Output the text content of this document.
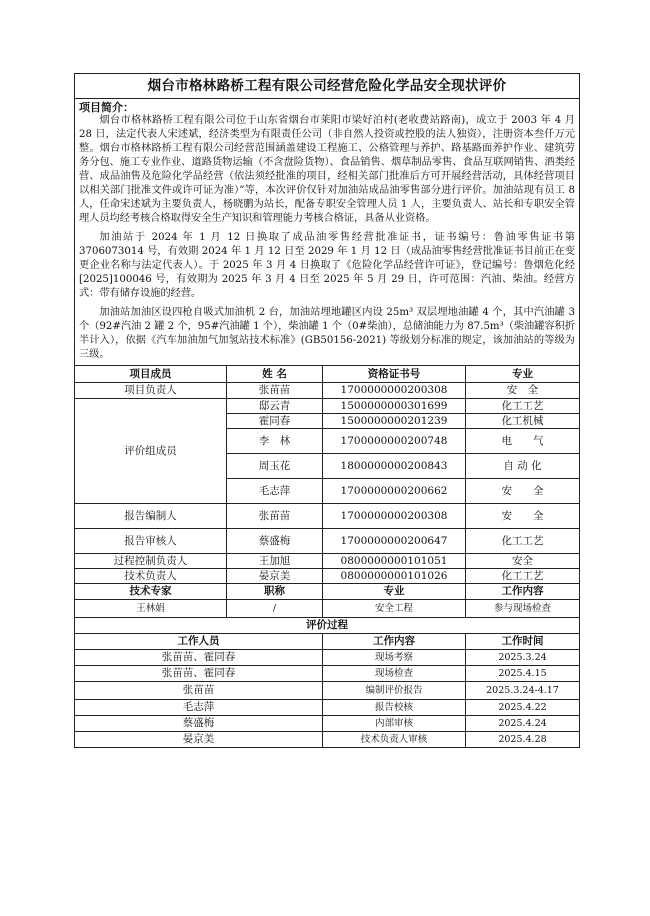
烟台市格林路桥工程有限公司经营危险化学品安全现状评价			

项目简介：

烟台市格林路桥工程有限公司位于山东省烟台市莱阳市梁好泊村(老收费站路南)，成立于 2003 年 4 月 28 日，法定代表人宋述斌，经济类型为有限责任公司（非自然人投资或控股的法人独资），注册资本叁仟万元整。烟台市格林路桥工程有限公司经营范围涵盖建设工程施工、公格管理与养护、路基路面养护作业、建筑劳务分包、施工专业作业、道路货物运输（不含盘险货物）、食品销售、烟草制品零售、食品互联网销售、酒类经营、成品油售及危险化学品经营（依法须经批准的项目，经相关部门批准后方可开展经营活动，具体经营项目以相关部门批准文件或许可证为准）”等，本次评价仅针对加油站成品油零售部分进行评价。加油站现有员工 8 人，任命宋述斌为主要负责人，杨晓鹏为站长，配备专职安全管理人员 1 人，主要负责人、站长和专职安全管理人员均经考核合格取得安全生产知识和管理能力考核合格证，具备从业资格。

加油站于 2024 年 1 月 12 日换取了成品油零售经营批准证书，证书编号：鲁油零售证书第 3706073014 号，有效期 2024 年 1 月 12 日至 2029 年 1 月 12 日（成品油零售经营批准证书目前正在变更企业名称与法定代表人）。于 2025 年 3 月 4 日换取了《危险化学品经营许可证》，登记编号：鲁烟危化经[2025]100046 号，有效期为 2025 年 3 月 4 日至 2025 年 5 月 29 日，许可范围：汽油、柴油。经营方式：带有储存设施的经营。

加油站加油区设四枪自吸式加油机 2 台，加油站埋地罐区内设 25m³ 双层埋地油罐 4 个，其中汽油罐 3 个（92#汽油 2 罐 2 个，95#汽油罐 1 个），柴油罐 1 个（0#柴油），总储油能力为 87.5m³（柴油罐容积折半计入），依据《汽车加油加气加氢站技术标准》(GB50156-2021) 等级划分标准的规定，该加油站的等级为三级。			

项目成员	姓 名	资格证书号	专业
项目负责人	张苗苗	1700000000200308	安　全
评价组成员	邸云青	1500000000301699	化工工艺
	霍同春	1500000000201239	化工机械
	李　林	1700000000200748	电　　气
	周玉花	1800000000200843	自 动 化
	毛志萍	1700000000200662	安　　全
报告编制人	张苗苗	1700000000200308	安　　全
报告审核人	蔡盛梅	1700000000200647	化工工艺
过程控制负责人	王加旭	0800000000101051	安全
技术负责人	晏京美	0800000000101026	化工工艺
技术专家	职称	专业	工作内容
王林娟	/	安全工程	参与现场检查
评价过程			
工作人员		工作内容	工作时间
张苗苗、霍同春		现场考察	2025.3.24
张苗苗、霍同春		现场检查	2025.4.15
张苗苗		编制评价报告	2025.3.24-4.17
毛志萍		报告校核	2025.4.22
蔡盛梅		内部审核	2025.4.24
晏京美		技术负责人审核	2025.4.28
